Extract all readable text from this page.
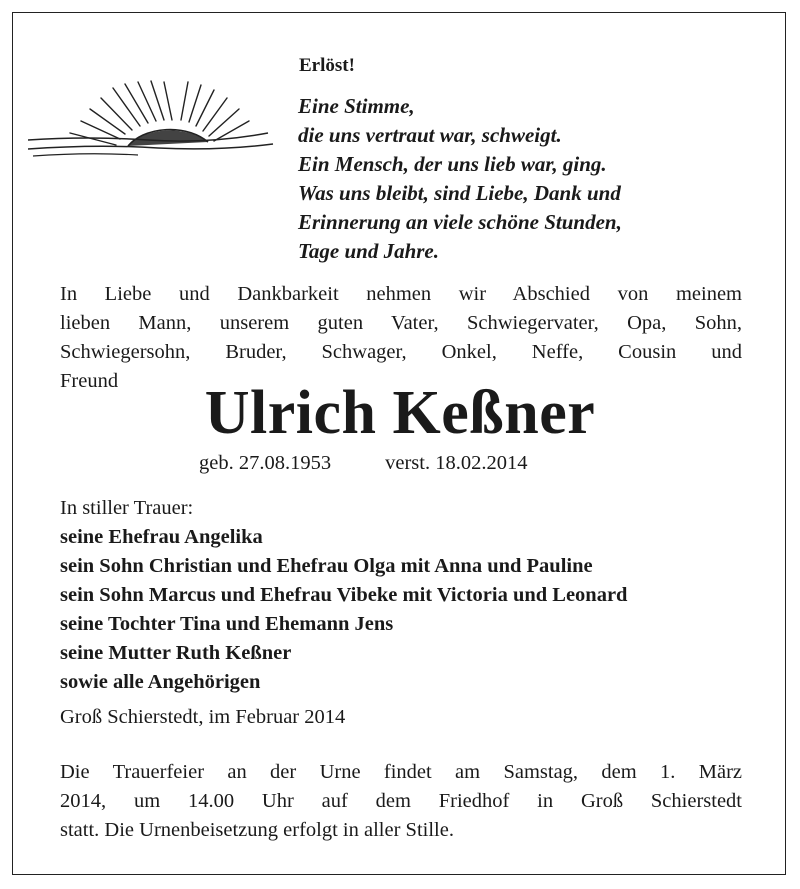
Erlöst!
Eine Stimme,
die uns vertraut war, schweigt.
Ein Mensch, der uns lieb war, ging.
Was uns bleibt, sind Liebe, Dank und
Erinnerung an viele schöne Stunden,
Tage und Jahre.
In Liebe und Dankbarkeit nehmen wir Abschied von meinem
lieben Mann, unserem guten Vater, Schwiegervater, Opa, Sohn,
Schwiegersohn, Bruder, Schwager, Onkel, Neffe, Cousin und
Freund	Ulrich Keßner
geb. 27.08.1953	verst. 18.02.2014
In stiller Trauer:
seine Ehefrau Angelika
sein Sohn Christian und Ehefrau Olga mit Anna und Pauline
sein Sohn Marcus und Ehefrau Vibeke mit Victoria und Leonard
seine Tochter Tina und Ehemann Jens
seine Mutter Ruth Keßner
sowie alle Angehörigen
Groß Schierstedt, im Februar 2014
Die Trauerfeier an der Urne findet am Samstag, dem 1. März
2014, um 14.00 Uhr auf dem Friedhof in Groß Schierstedt
statt. Die Urnenbeisetzung erfolgt in aller Stille.
